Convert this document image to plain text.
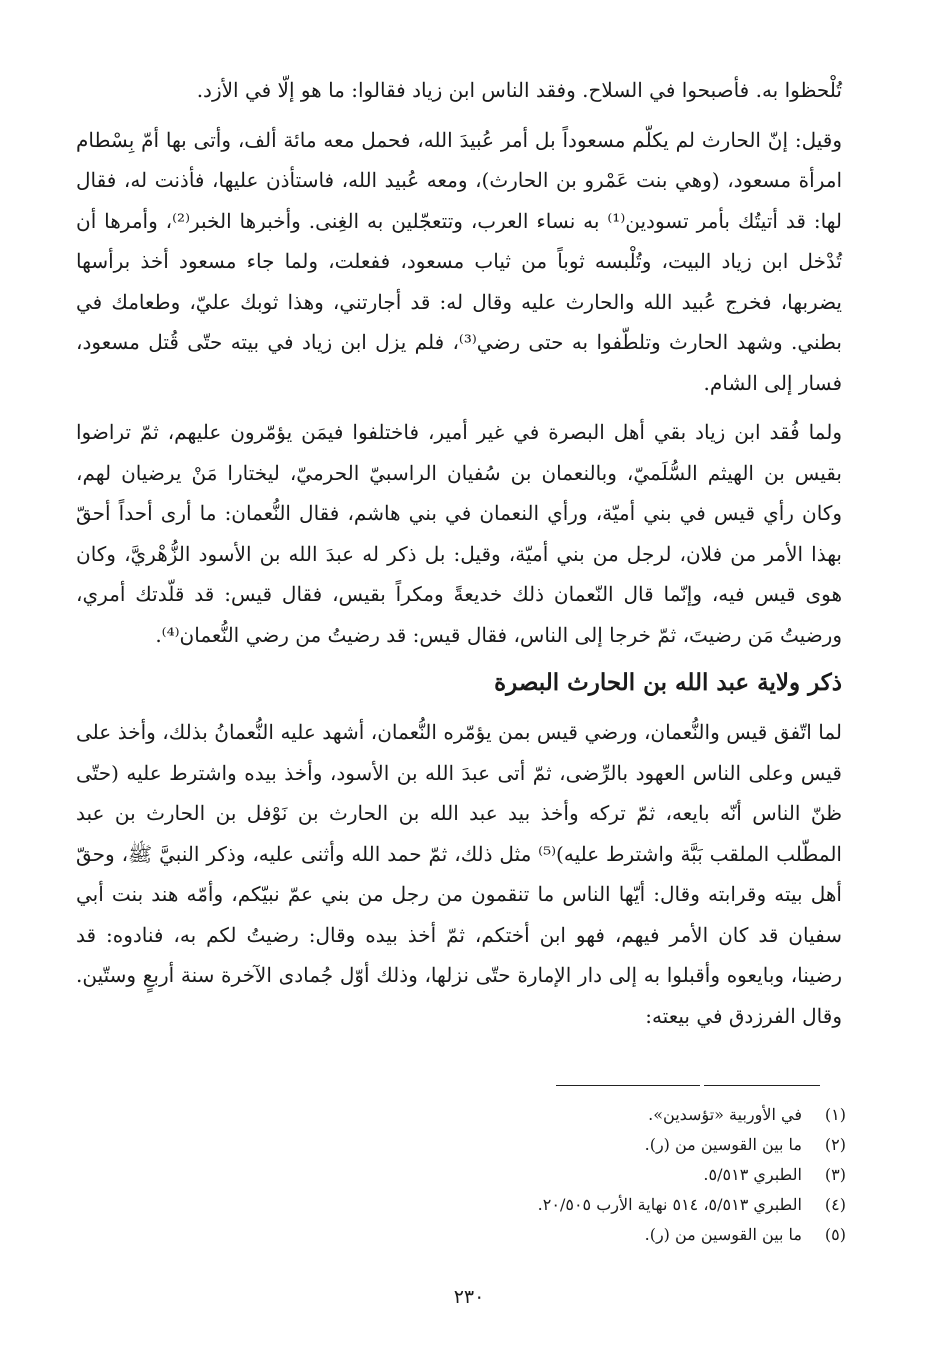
تُلْحظوا به. فأصبحوا في السلاح. وفقد الناس ابن زياد فقالوا: ما هو إلّا في الأزد.

وقيل: إنّ الحارث لم يكلّم مسعوداً بل أمر عُبيدَ الله، فحمل معه مائة ألف، وأتى بها أمّ بِسْطام امرأة مسعود، (وهي بنت عَمْرو بن الحارث)، ومعه عُبيد الله، فاستأذن عليها، فأذنت له، فقال لها: قد أتيتُك بأمر تسودين⁽¹⁾ به نساء العرب، وتتعجّلين به الغِنى. وأخبرها الخبر⁽²⁾، وأمرها أن تُدْخل ابن زياد البيت، وتُلْبسه ثوباً من ثياب مسعود، ففعلت، ولما جاء مسعود أخذ برأسها يضربها، فخرج عُبيد الله والحارث عليه وقال له: قد أجارتني، وهذا ثوبك عليّ، وطعامك في بطني. وشهد الحارث وتلطّفوا به حتى رضي⁽³⁾، فلم يزل ابن زياد في بيته حتّى قُتل مسعود، فسار إلى الشام.

ولما فُقد ابن زياد بقي أهل البصرة في غير أمير، فاختلفوا فيمَن يؤمّرون عليهم، ثمّ تراضوا بقيس بن الهيثم السُّلَميّ، وبالنعمان بن سُفيان الراسبيّ الحرميّ، ليختارا مَنْ يرضيان لهم، وكان رأي قيس في بني أميّة، ورأي النعمان في بني هاشم، فقال النُّعمان: ما أرى أحداً أحقّ بهذا الأمر من فلان، لرجل من بني أميّة، وقيل: بل ذكر له عبدَ الله بن الأسود الزُّهْريَّ، وكان هوى قيس فيه، وإنّما قال النّعمان ذلك خديعةً ومكراً بقيس، فقال قيس: قد قلّدتك أمري، ورضيتُ مَن رضيتَ، ثمّ خرجا إلى الناس، فقال قيس: قد رضيتُ من رضي النُّعمان⁽⁴⁾.

ذكر ولاية عبد الله بن الحارث البصرة

لما اتّفق قيس والنُّعمان، ورضي قيس بمن يؤمّره النُّعمان، أشهد عليه النُّعمانُ بذلك، وأخذ على قيس وعلى الناس العهود بالرِّضى، ثمّ أتى عبدَ الله بن الأسود، وأخذ بيده واشترط عليه (حتّى ظنّ الناس أنّه بايعه، ثمّ تركه وأخذ بيد عبد الله بن الحارث بن نَوْفل بن الحارث بن عبد المطّلب الملقب بَبَّة واشترط عليه)⁽⁵⁾ مثل ذلك، ثمّ حمد الله وأثنى عليه، وذكر النبيَّ ﷺ، وحقّ أهل بيته وقرابته وقال: أيّها الناس ما تنقمون من رجل من بني عمّ نبيّكم، وأمّه هند بنت أبي سفيان قد كان الأمر فيهم، فهو ابن أختكم، ثمّ أخذ بيده وقال: رضيتُ لكم به، فنادوه: قد رضينا، وبايعوه وأقبلوا به إلى دار الإمارة حتّى نزلها، وذلك أوّل جُمادى الآخرة سنة أربعٍ وستّين. وقال الفرزدق في بيعته:

(١)
في الأوربية «تؤسدين».
(٢)
ما بين القوسين من (ر).
(٣)
الطبري ٥/٥١٣.
(٤)
الطبري ٥/٥١٣، ٥١٤ نهاية الأرب ٢٠/٥٠٥.
(٥)
ما بين القوسين من (ر).
٢٣٠
